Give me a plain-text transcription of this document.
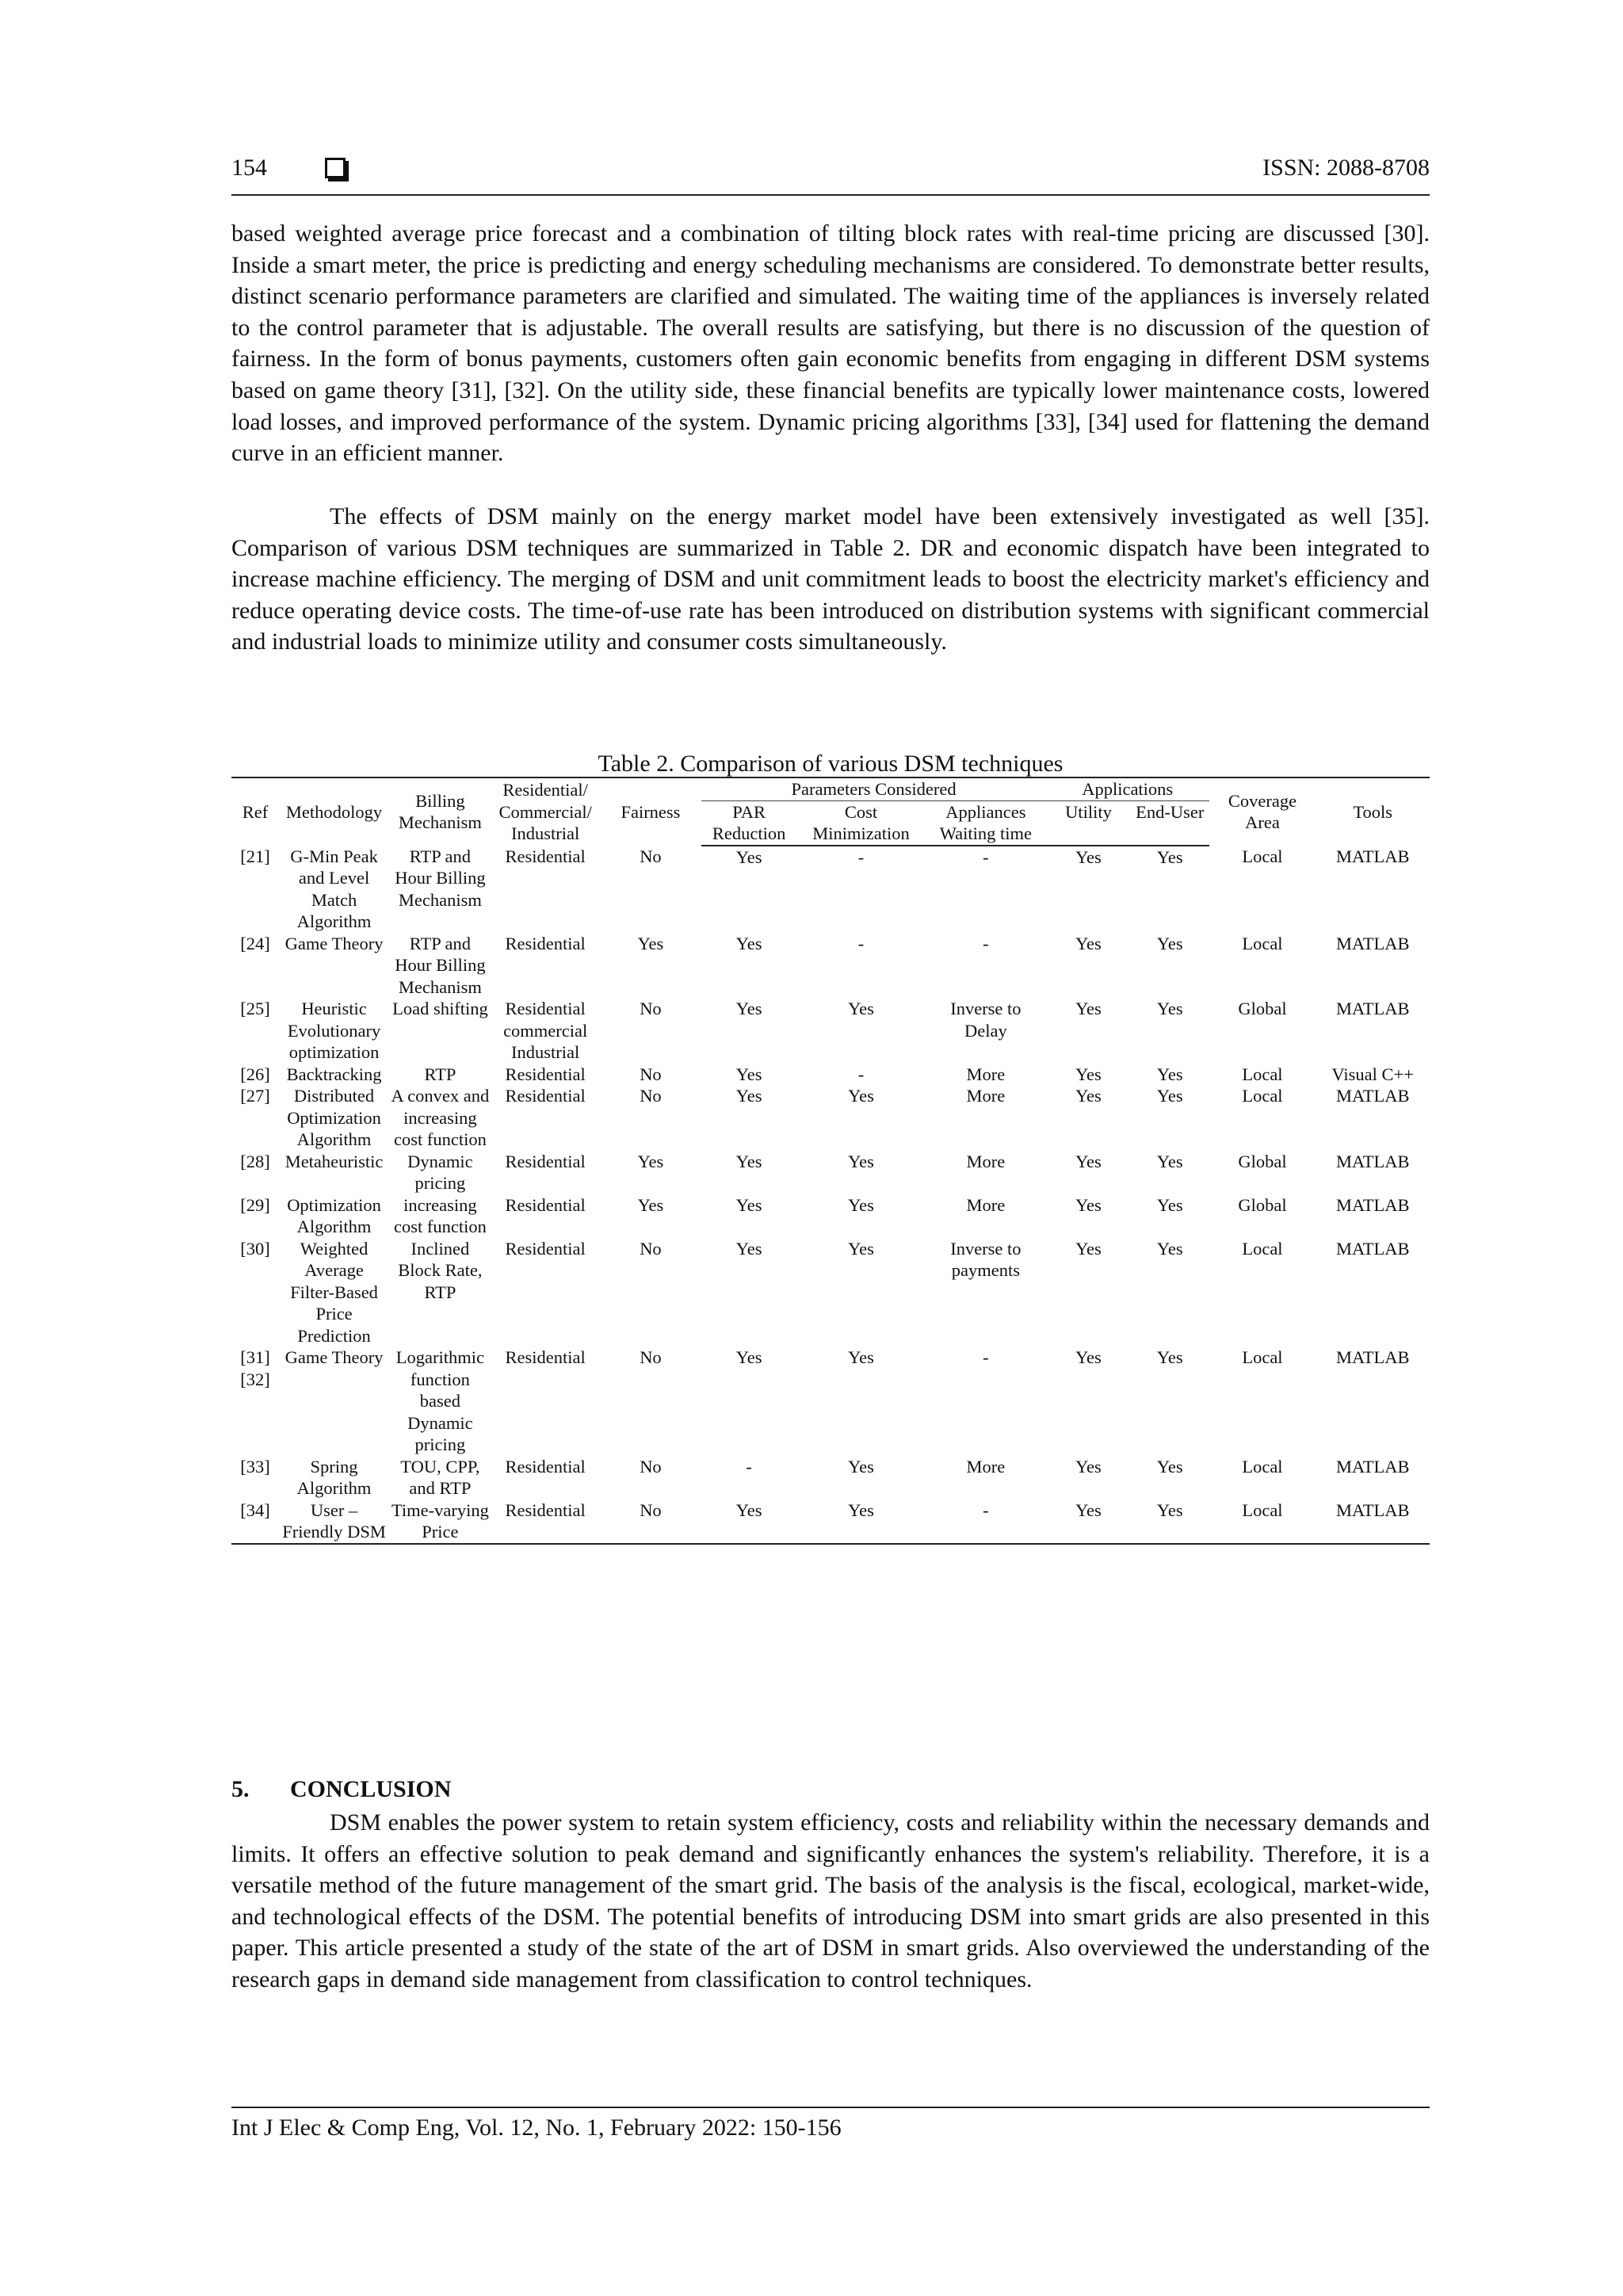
154	ISSN: 2088-8708

based weighted average price forecast and a combination of tilting block rates with real-time pricing are discussed [30]. Inside a smart meter, the price is predicting and energy scheduling mechanisms are considered. To demonstrate better results, distinct scenario performance parameters are clarified and simulated. The waiting time of the appliances is inversely related to the control parameter that is adjustable. The overall results are satisfying, but there is no discussion of the question of fairness. In the form of bonus payments, customers often gain economic benefits from engaging in different DSM systems based on game theory [31], [32]. On the utility side, these financial benefits are typically lower maintenance costs, lowered load losses, and improved performance of the system. Dynamic pricing algorithms [33], [34] used for flattening the demand curve in an efficient manner.

The effects of DSM mainly on the energy market model have been extensively investigated as well [35]. Comparison of various DSM techniques are summarized in Table 2. DR and economic dispatch have been integrated to increase machine efficiency. The merging of DSM and unit commitment leads to boost the electricity market's efficiency and reduce operating device costs. The time-of-use rate has been introduced on distribution systems with significant commercial and industrial loads to minimize utility and consumer costs simultaneously.

Table 2. Comparison of various DSM techniques
Ref	Methodology	Billing Mechanism	Residential/ Commercial/ Industrial	Fairness	Parameters Considered			Applications		Coverage Area	Tools
					PAR Reduction	Cost Minimization	Appliances Waiting time	Utility	End-User		
[21]	G-Min Peak and Level Match Algorithm	RTP and Hour Billing Mechanism	Residential	No	Yes	-	-	Yes	Yes	Local	MATLAB
[24]	Game Theory	RTP and Hour Billing Mechanism	Residential	Yes	Yes	-	-	Yes	Yes	Local	MATLAB
[25]	Heuristic Evolutionary optimization	Load shifting	Residential commercial Industrial	No	Yes	Yes	Inverse to Delay	Yes	Yes	Global	MATLAB
[26]	Backtracking	RTP	Residential	No	Yes	-	More	Yes	Yes	Local	Visual C++
[27]	Distributed Optimization Algorithm	A convex and increasing cost function	Residential	No	Yes	Yes	More	Yes	Yes	Local	MATLAB
[28]	Metaheuristic	Dynamic pricing	Residential	Yes	Yes	Yes	More	Yes	Yes	Global	MATLAB
[29]	Optimization Algorithm	increasing cost function	Residential	Yes	Yes	Yes	More	Yes	Yes	Global	MATLAB
[30]	Weighted Average Filter-Based Price Prediction	Inclined Block Rate, RTP	Residential	No	Yes	Yes	Inverse to payments	Yes	Yes	Local	MATLAB
[31] [32]	Game Theory	Logarithmic function based Dynamic pricing	Residential	No	Yes	Yes	-	Yes	Yes	Local	MATLAB
[33]	Spring Algorithm	TOU, CPP, and RTP	Residential	No	-	Yes	More	Yes	Yes	Local	MATLAB
[34]	User – Friendly DSM	Time-varying Price	Residential	No	Yes	Yes	-	Yes	Yes	Local	MATLAB
5. CONCLUSION

DSM enables the power system to retain system efficiency, costs and reliability within the necessary demands and limits. It offers an effective solution to peak demand and significantly enhances the system's reliability. Therefore, it is a versatile method of the future management of the smart grid. The basis of the analysis is the fiscal, ecological, market-wide, and technological effects of the DSM. The potential benefits of introducing DSM into smart grids are also presented in this paper. This article presented a study of the state of the art of DSM in smart grids. Also overviewed the understanding of the research gaps in demand side management from classification to control techniques.

Int J Elec & Comp Eng, Vol. 12, No. 1, February 2022: 150-156
